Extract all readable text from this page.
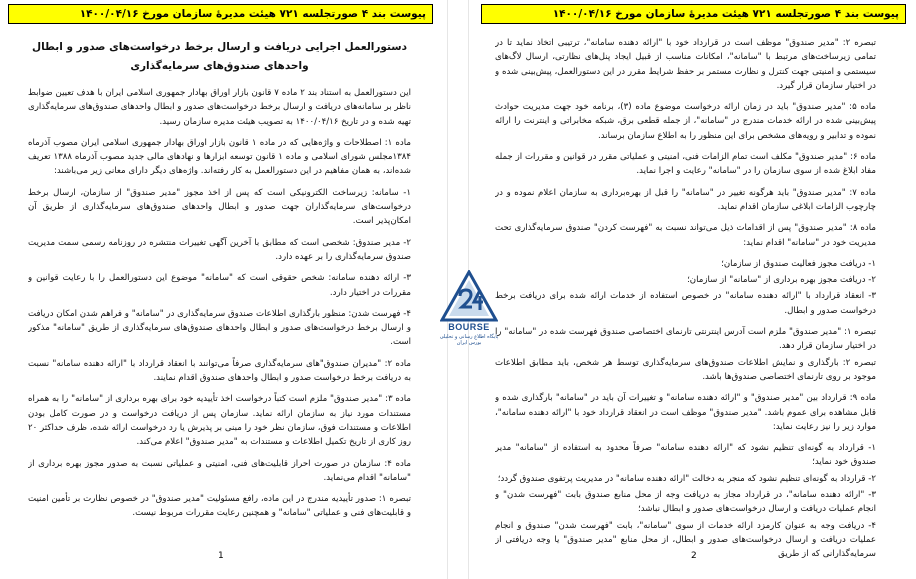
پیوست بند ۴ صورتجلسه ۷۲۱ هیئت مدیرۀ سازمان مورخ ۱۴۰۰/۰۴/۱۶
دستورالعمل اجرایی دریافت و ارسال برخط درخواست‌های صدور و ابطال
واحدهای صندوق‌های سرمایه‌گذاری

این دستورالعمل به استناد بند ۲ ماده ۷ قانون بازار اوراق بهادار جمهوری اسلامی ایران با هدف تعیین ضوابط ناظر بر سامانه‌های دریافت و ارسال برخط درخواست‌های صدور و ابطال واحدهای صندوق‌های سرمایه‌گذاری تهیه شده و در تاریخ ۱۴۰۰/۰۴/۱۶ به تصویب هیئت مدیره سازمان رسید.

ماده ۱: اصطلاحات و واژه‌هایی که در ماده ۱ قانون بازار اوراق بهادار جمهوری اسلامی ایران مصوب آذرماه ۱۳۸۴مجلس شورای اسلامی و ماده ۱ قانون توسعه ابزارها و نهادهای مالی جدید مصوب آذرماه ۱۳۸۸ تعریف شده‌اند، به همان مفاهیم در این دستورالعمل به کار رفته‌اند. واژه‌های دیگر دارای معانی زیر می‌باشند:

۱- سامانه: زیرساخت الکترونیکی است که پس از اخذ مجوز "مدیر صندوق" از سازمان، ارسال برخط درخواست‌های سرمایه‌گذاران جهت صدور و ابطال واحدهای صندوق‌های سرمایه‌گذاری از طریق آن امکان‌پذیر است.

۲- مدیر صندوق: شخصی است که مطابق با آخرین آگهی تغییرات منتشره در روزنامه رسمی سمت مدیریت صندوق سرمایه‌گذاری را بر عهده دارد.

۳- ارائه دهنده سامانه: شخص حقوقی است که "سامانه" موضوع این دستورالعمل را با رعایت قوانین و مقررات در اختیار دارد.

۴- فهرست شدن: منظور بارگذاری اطلاعات صندوق سرمایه‌گذاری در "سامانه" و فراهم شدن امکان دریافت و ارسال برخط درخواست‌های صدور و ابطال واحدهای صندوق‌های سرمایه‌گذاری از طریق "سامانه" مذکور است.

ماده ۲: "مدیران صندوق"های سرمایه‌گذاری صرفاً می‌توانند با انعقاد قرارداد با "ارائه دهنده سامانه" نسبت به دریافت برخط درخواست صدور و ابطال واحدهای صندوق اقدام نمایند.

ماده ۳: "مدیر صندوق" ملزم است کتباً درخواست اخذ تأییدیه خود برای بهره برداری از "سامانه" را به همراه مستندات مورد نیاز به سازمان ارائه نماید. سازمان پس از دریافت درخواست و در صورت کامل بودن اطلاعات و مستندات فوق، سازمان نظر خود را مبنی بر پذیرش یا رد درخواست ارائه شده، ظرف حداکثر ۲۰ روز کاری از تاریخ تکمیل اطلاعات و مستندات به "مدیر صندوق" اعلام می‌کند.

ماده ۴: سازمان در صورت احراز قابلیت‌های فنی، امنیتی و عملیاتی نسبت به صدور مجوز بهره برداری از "سامانه" اقدام می‌نماید.

تبصره ۱: صدور تأییدیه مندرج در این ماده، رافع مسئولیت "مدیر صندوق" در خصوص نظارت بر تأمین امنیت و قابلیت‌های فنی و عملیاتی "سامانه" و همچنین رعایت مقررات مربوط نیست.

1
پیوست بند ۴ صورتجلسه ۷۲۱ هیئت مدیرۀ سازمان مورخ ۱۴۰۰/۰۴/۱۶

تبصره ۲: "مدیر صندوق" موظف است در قرارداد خود با "ارائه دهنده سامانه"، ترتیبی اتخاذ نماید تا در تمامی زیرساخت‌های مرتبط با "سامانه"، امکانات مناسب از قبیل ایجاد پنل‌های نظارتی، ارسال لاگ‌های سیستمی و امنیتی جهت کنترل و نظارت مستمر بر حفظ شرایط مقرر در این دستورالعمل، پیش‌بینی شده و در اختیار سازمان قرار گیرد.

ماده ۵: "مدیر صندوق" باید در زمان ارائه درخواست موضوع ماده (۳)، برنامه خود جهت مدیریت حوادث پیش‌بینی شده در ارائه خدمات مندرج در "سامانه"، از جمله قطعی برق، شبکه مخابراتی و اینترنت را ارائه نموده و تدابیر و رویه‌های مشخص برای این منظور را به اطلاع سازمان برساند.

ماده ۶: "مدیر صندوق" مکلف است تمام الزامات فنی، امنیتی و عملیاتی مقرر در قوانین و مقررات از جمله مفاد ابلاغ شده از سوی سازمان را در "سامانه" رعایت و اجرا نماید.

ماده ۷: "مدیر صندوق" باید هرگونه تغییر در "سامانه" را قبل از بهره‌برداری به سازمان اعلام نموده و در چارچوب الزامات ابلاغی سازمان اقدام نماید.

ماده ۸: "مدیر صندوق" پس از اقدامات ذیل می‌تواند نسبت به "فهرست کردن" صندوق سرمایه‌گذاری تحت مدیریت خود در "سامانه" اقدام نماید:

۱- دریافت مجوز فعالیت صندوق از سازمان؛

۲- دریافت مجوز بهره برداری از "سامانه" از سازمان؛

۳- انعقاد قرارداد با "ارائه دهنده سامانه" در خصوص استفاده از خدمات ارائه شده برای دریافت برخط درخواست صدور و ابطال.

تبصره ۱: "مدیر صندوق" ملزم است آدرس اینترنتی تارنمای اختصاصی صندوق فهرست شده در "سامانه" را در اختیار سازمان قرار دهد.

تبصره ۲: بارگذاری و نمایش اطلاعات صندوق‌های سرمایه‌گذاری توسط هر شخص، باید مطابق اطلاعات موجود بر روی تارنمای اختصاصی صندوق‌ها باشد.

ماده ۹: قرارداد بین "مدیر صندوق" و "ارائه دهنده سامانه" و تغییرات آن باید در "سامانه" بارگذاری شده و قابل مشاهده برای عموم باشد. "مدیر صندوق" موظف است در انعقاد قرارداد خود با "ارائه دهنده سامانه"، موارد زیر را نیز رعایت نماید:

۱- قرارداد به گونه‌ای تنظیم نشود که "ارائه دهنده سامانه" صرفاً محدود به استفاده از "سامانه" مدیر صندوق خود نماید؛

۲- قرارداد به گونه‌ای تنظیم نشود که منجر به دخالت "ارائه دهنده سامانه" در مدیریت پرتفوی صندوق گردد؛

۳- "ارائه دهنده سامانه"، در قرارداد مجاز به دریافت وجه از محل منابع صندوق بابت "فهرست شدن" و انجام عملیات دریافت و ارسال درخواست‌های صدور و ابطال نباشد؛

۴- دریافت وجه به عنوان کارمزد ارائه خدمات از سوی "سامانه"، بابت "فهرست شدن" صندوق و انجام عملیات دریافت و ارسال درخواست‌های صدور و ابطال، از محل منابع "مدیر صندوق" یا وجه دریافتی از سرمایه‌گذارانی که از طریق

2
BOURSE
پایگاه اطلاع رسانی و تحلیلی بورس ایران
